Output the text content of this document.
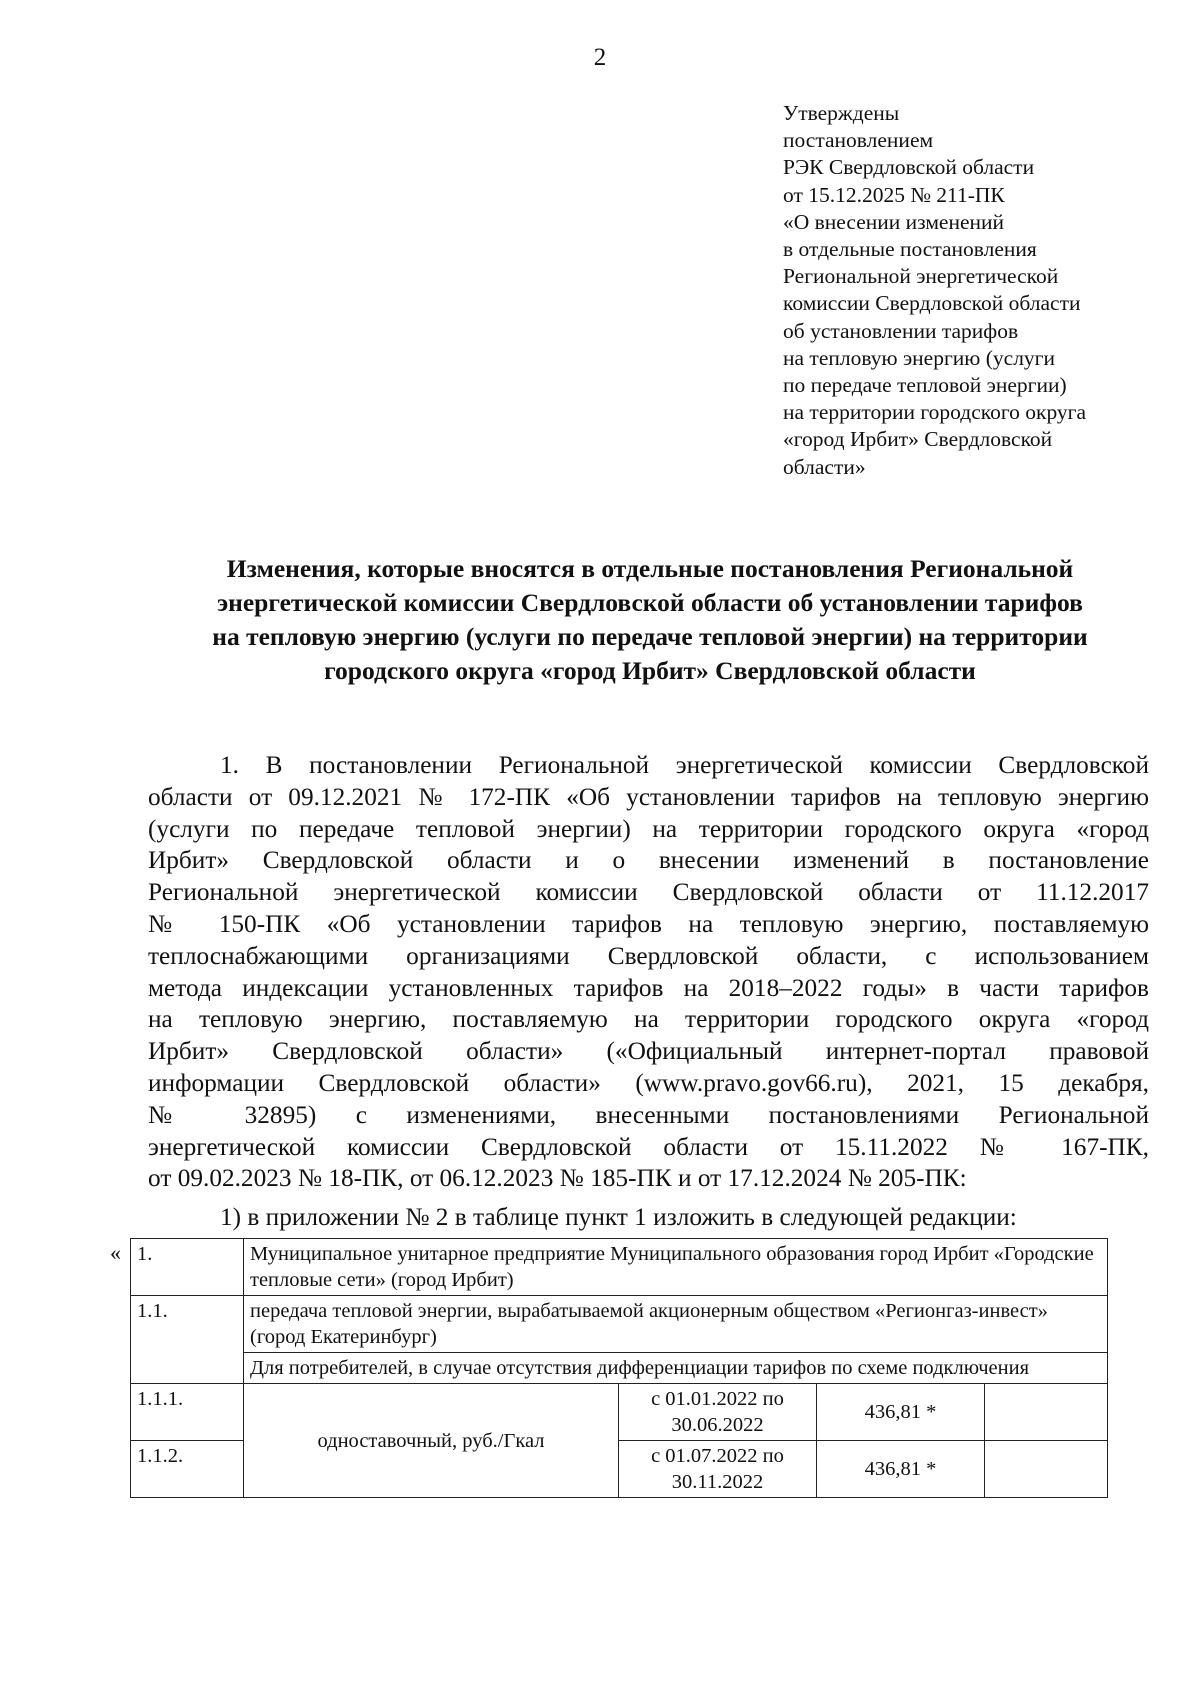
2
Утверждены
постановлением
РЭК Свердловской области
от 15.12.2025 № 211-ПК
«О внесении изменений
в отдельные постановления
Региональной энергетической
комиссии Свердловской области
об установлении тарифов
на тепловую энергию (услуги
по передаче тепловой энергии)
на территории городского округа
«город Ирбит» Свердловской
области»
Изменения, которые вносятся в отдельные постановления Региональной
энергетической комиссии Свердловской области об установлении тарифов
на тепловую энергию (услуги по передаче тепловой энергии) на территории
городского округа «город Ирбит» Свердловской области
1. В постановлении Региональной энергетической комиссии Свердловской
области от 09.12.2021 № 172-ПК «Об установлении тарифов на тепловую энергию
(услуги по передаче тепловой энергии) на территории городского округа «город
Ирбит» Свердловской области и о внесении изменений в постановление
Региональной энергетической комиссии Свердловской области от 11.12.2017
№ 150-ПК «Об установлении тарифов на тепловую энергию, поставляемую
теплоснабжающими организациями Свердловской области, с использованием
метода индексации установленных тарифов на 2018–2022 годы» в части тарифов
на тепловую энергию, поставляемую на территории городского округа «город
Ирбит» Свердловской области» («Официальный интернет-портал правовой
информации Свердловской области» (www.pravo.gov66.ru), 2021, 15 декабря,
№ 32895) с изменениями, внесенными постановлениями Региональной
энергетической комиссии Свердловской области от 15.11.2022 № 167-ПК,
от 09.02.2023 № 18-ПК, от 06.12.2023 № 185-ПК и от 17.12.2024 № 205-ПК:
1) в приложении № 2 в таблице пункт 1 изложить в следующей редакции:
« 1.	Муниципальное унитарное предприятие Муниципального образования город Ирбит «Городские тепловые сети» (город Ирбит)			
1.1.	передача тепловой энергии, вырабатываемой акционерным обществом «Регионгаз-инвест» (город Екатеринбург)			
	Для потребителей, в случае отсутствия дифференциации тарифов по схеме подключения			
1.1.1.	одноставочный, руб./Гкал	с 01.01.2022 по 30.06.2022	436,81 *	
1.1.2.		с 01.07.2022 по 30.11.2022	436,81 *	
